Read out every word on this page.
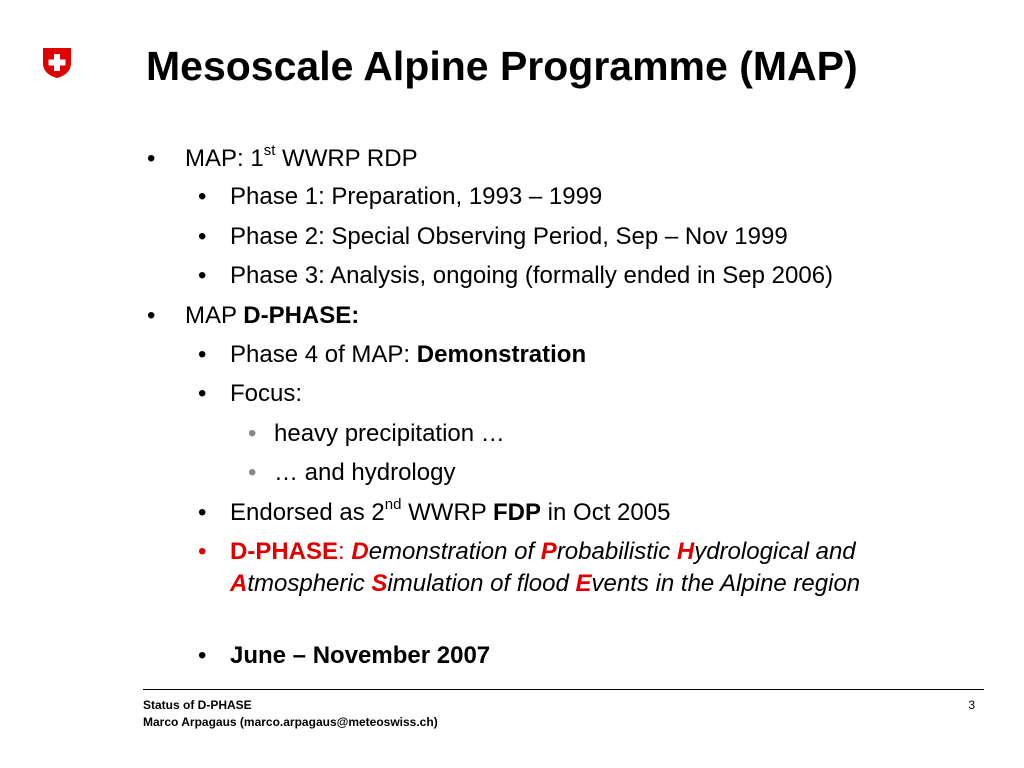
Mesoscale Alpine Programme (MAP)
• MAP: 1st WWRP RDP
• Phase 1: Preparation, 1993 – 1999
• Phase 2: Special Observing Period, Sep – Nov 1999
• Phase 3: Analysis, ongoing (formally ended in Sep 2006)
• MAP D-PHASE:
• Phase 4 of MAP: Demonstration
• Focus:
• heavy precipitation …
• … and hydrology
• Endorsed as 2nd WWRP FDP in Oct 2005
• D-PHASE: Demonstration of Probabilistic Hydrological and Atmospheric Simulation of flood Events in the Alpine region
• June – November 2007
Status of D-PHASE
Marco Arpagaus (marco.arpagaus@meteoswiss.ch)
3
